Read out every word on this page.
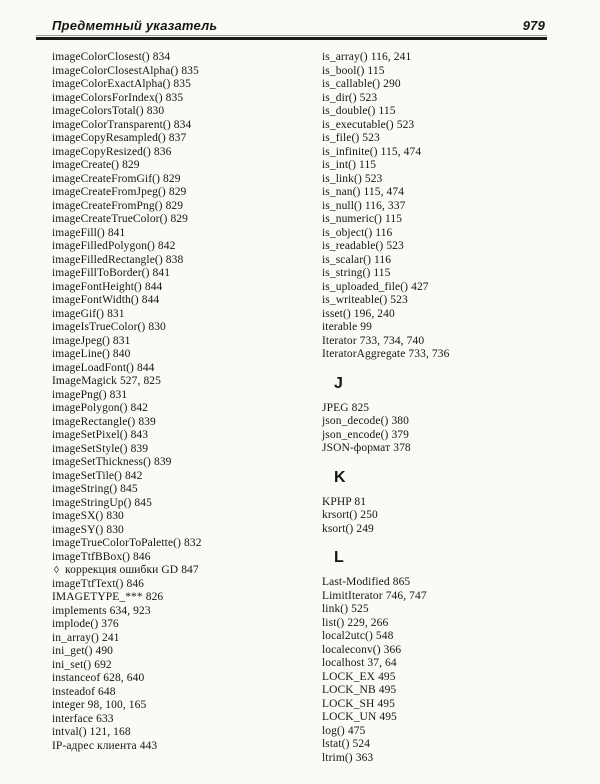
Предметный указатель	979
imageColorClosest() 834
imageColorClosestAlpha() 835
imageColorExactAlpha() 835
imageColorsForIndex() 835
imageColorsTotal() 830
imageColorTransparent() 834
imageCopyResampled() 837
imageCopyResized() 836
imageCreate() 829
imageCreateFromGif() 829
imageCreateFromJpeg() 829
imageCreateFromPng() 829
imageCreateTrueColor() 829
imageFill() 841
imageFilledPolygon() 842
imageFilledRectangle() 838
imageFillToBorder() 841
imageFontHeight() 844
imageFontWidth() 844
imageGif() 831
imageIsTrueColor() 830
imageJpeg() 831
imageLine() 840
imageLoadFont() 844
ImageMagick 527, 825
imagePng() 831
imagePolygon() 842
imageRectangle() 839
imageSetPixel() 843
imageSetStyle() 839
imageSetThickness() 839
imageSetTile() 842
imageString() 845
imageStringUp() 845
imageSX() 830
imageSY() 830
imageTrueColorToPalette() 832
imageTtfBBox() 846
◊ коррекция ошибки GD 847
imageTtfText() 846
IMAGETYPE_*** 826
implements 634, 923
implode() 376
in_array() 241
ini_get() 490
ini_set() 692
instanceof 628, 640
insteadof 648
integer 98, 100, 165
interface 633
intval() 121, 168
IP-адрес клиента 443
is_array() 116, 241
is_bool() 115
is_callable() 290
is_dir() 523
is_double() 115
is_executable() 523
is_file() 523
is_infinite() 115, 474
is_int() 115
is_link() 523
is_nan() 115, 474
is_null() 116, 337
is_numeric() 115
is_object() 116
is_readable() 523
is_scalar() 116
is_string() 115
is_uploaded_file() 427
is_writeable() 523
isset() 196, 240
iterable 99
Iterator 733, 734, 740
IteratorAggregate 733, 736
J
JPEG 825
json_decode() 380
json_encode() 379
JSON-формат 378
K
KPHP 81
krsort() 250
ksort() 249
L
Last-Modified 865
LimitIterator 746, 747
link() 525
list() 229, 266
local2utc() 548
localeconv() 366
localhost 37, 64
LOCK_EX 495
LOCK_NB 495
LOCK_SH 495
LOCK_UN 495
log() 475
lstat() 524
ltrim() 363
